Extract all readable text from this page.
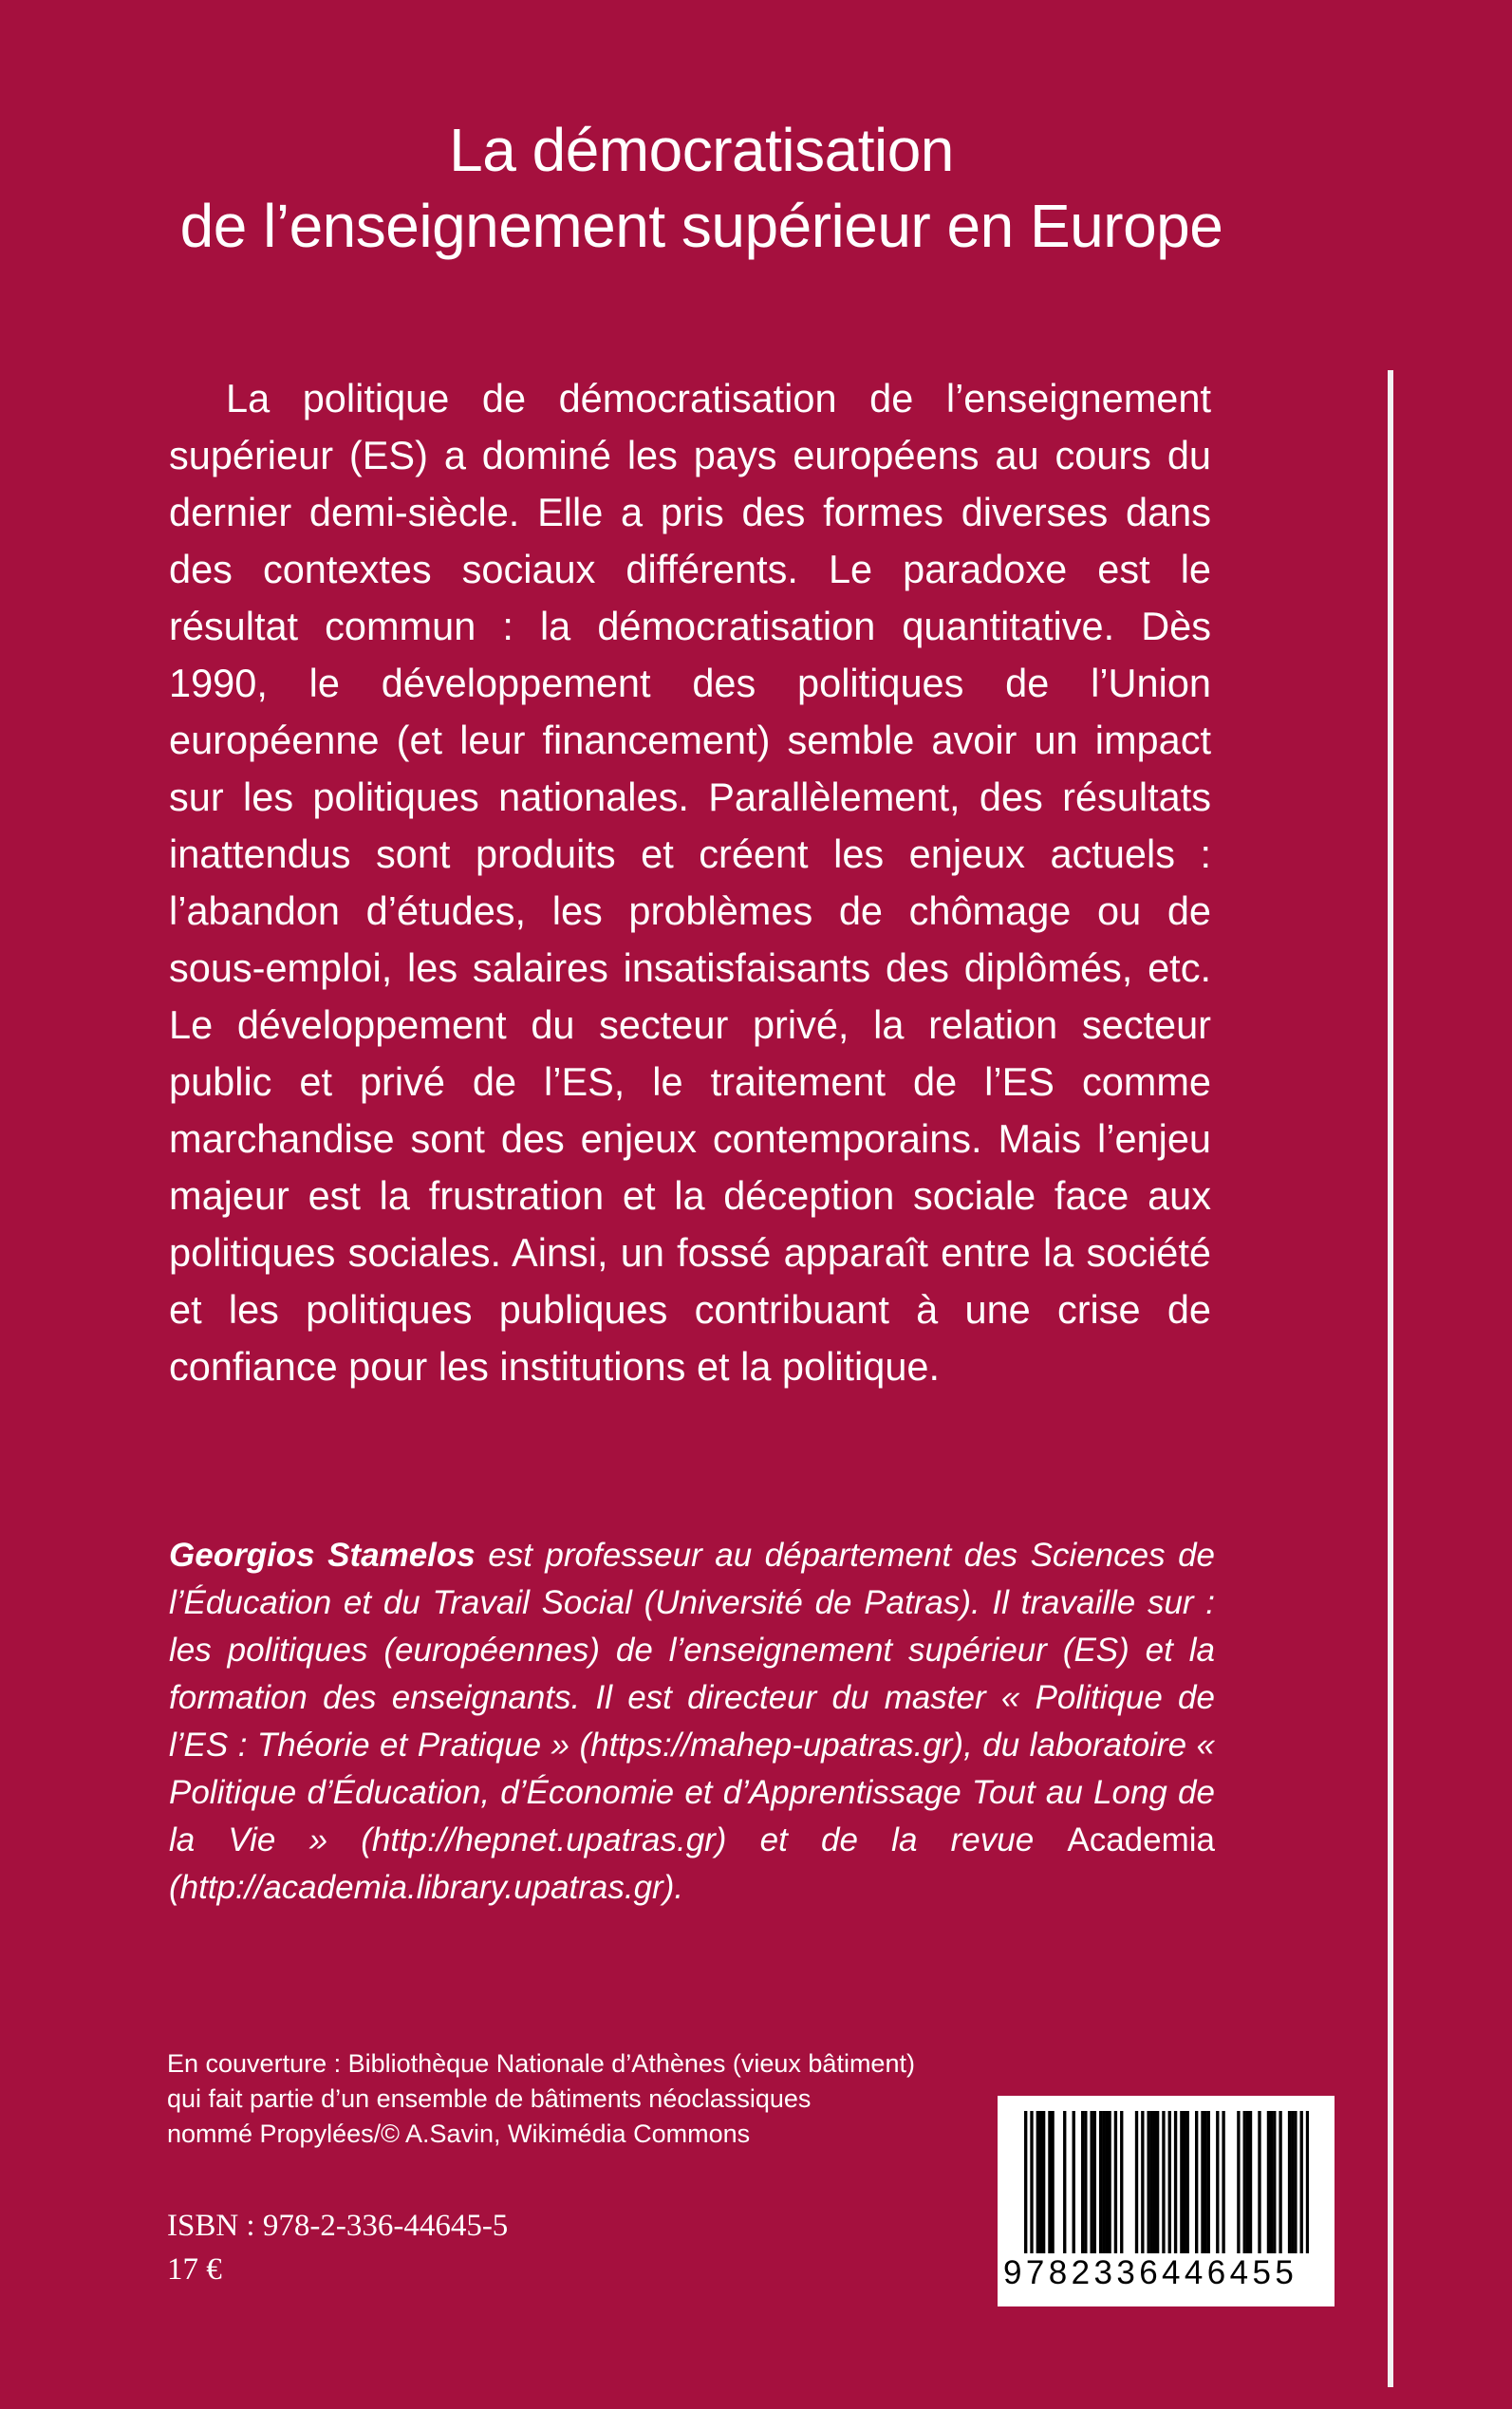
La démocratisation
de l’enseignement supérieur en Europe

La politique de démocratisation de l’enseignement supérieur (ES) a dominé les pays européens au cours du dernier demi-siècle. Elle a pris des formes diverses dans des contextes sociaux différents. Le paradoxe est le résultat commun : la démocratisation quantitative. Dès 1990, le développement des politiques de l’Union européenne (et leur financement) semble avoir un impact sur les politiques nationales. Parallèlement, des résultats inattendus sont produits et créent les enjeux actuels : l’abandon d’études, les problèmes de chômage ou de sous-emploi, les salaires insatisfaisants des diplômés, etc. Le développement du secteur privé, la relation secteur public et privé de l’ES, le traitement de l’ES comme marchandise sont des enjeux contemporains. Mais l’enjeu majeur est la frustration et la déception sociale face aux politiques sociales. Ainsi, un fossé apparaît entre la société et les politiques publiques contribuant à une crise de confiance pour les institutions et la politique.

Georgios Stamelos est professeur au département des Sciences de l’Éducation et du Travail Social (Université de Patras). Il travaille sur : les politiques (européennes) de l’enseignement supérieur (ES) et la formation des enseignants. Il est directeur du master « Politique de l’ES : Théorie et Pratique » (https://mahep-upatras.gr), du laboratoire « Politique d’Éducation, d’Économie et d’Apprentissage Tout au Long de la Vie » (http://hepnet.upatras.gr) et de la revue Academia (http://academia.library.upatras.gr).

En couverture : Bibliothèque Nationale d’Athènes (vieux bâtiment)
qui fait partie d’un ensemble de bâtiments néoclassiques
nommé Propylées/© A.Savin, Wikimédia Commons
ISBN : 978-2-336-44645-5
17 €	9782336446455
